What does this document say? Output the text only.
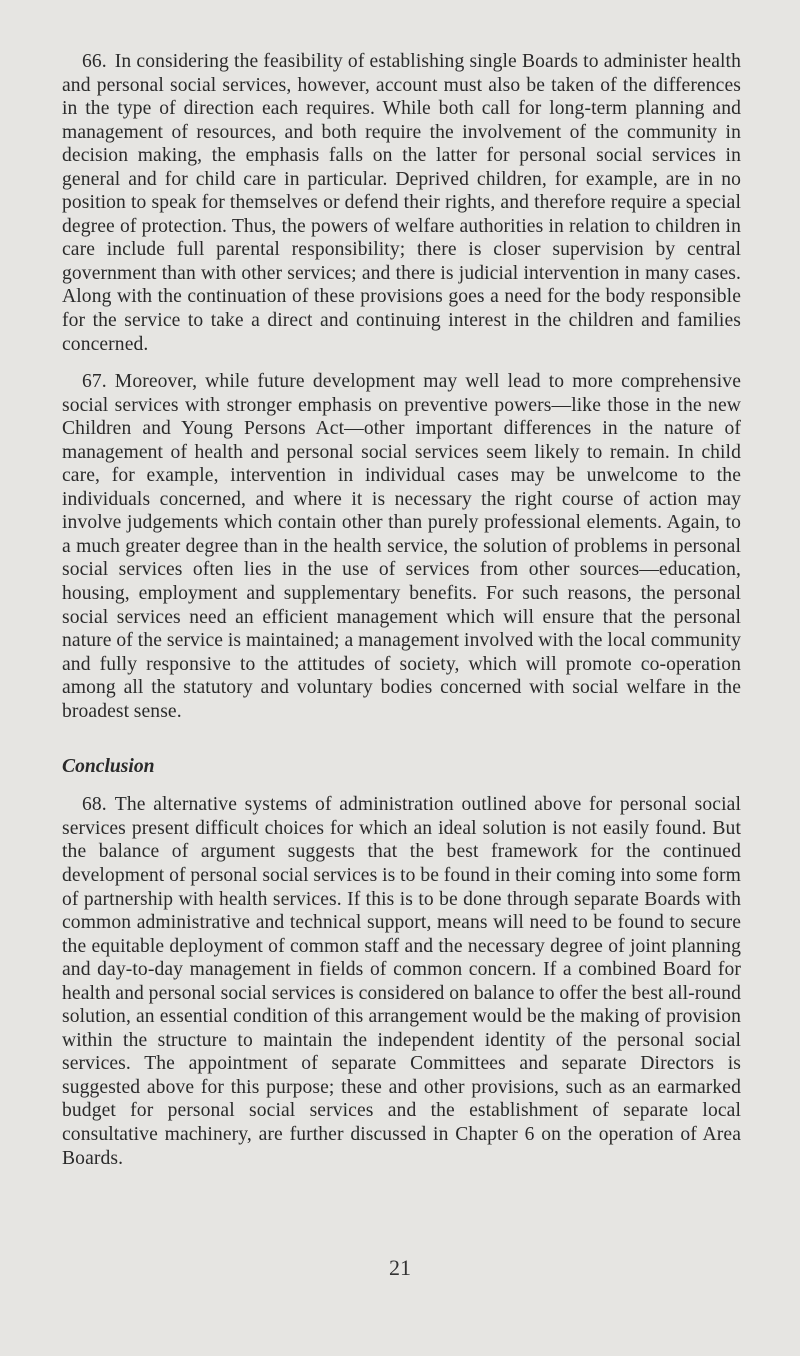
66. In considering the feasibility of establishing single Boards to administer health and personal social services, however, account must also be taken of the differences in the type of direction each requires. While both call for long-term planning and management of resources, and both require the involvement of the community in decision making, the emphasis falls on the latter for personal social services in general and for child care in particular. Deprived children, for example, are in no position to speak for themselves or defend their rights, and therefore require a special degree of protection. Thus, the powers of welfare authorities in relation to children in care include full parental responsibility; there is closer supervision by central government than with other services; and there is judicial intervention in many cases. Along with the continuation of these provisions goes a need for the body responsible for the service to take a direct and continuing interest in the children and families concerned.

67. Moreover, while future development may well lead to more comprehensive social services with stronger emphasis on preventive powers—like those in the new Children and Young Persons Act—other important differences in the nature of management of health and personal social services seem likely to remain. In child care, for example, intervention in individual cases may be unwelcome to the individuals concerned, and where it is necessary the right course of action may involve judgements which contain other than purely professional elements. Again, to a much greater degree than in the health service, the solution of problems in personal social services often lies in the use of services from other sources—education, housing, employment and supplementary benefits. For such reasons, the personal social services need an efficient management which will ensure that the personal nature of the service is maintained; a management involved with the local community and fully responsive to the attitudes of society, which will promote co-operation among all the statutory and voluntary bodies concerned with social welfare in the broadest sense.

Conclusion

68. The alternative systems of administration outlined above for personal social services present difficult choices for which an ideal solution is not easily found. But the balance of argument suggests that the best framework for the continued development of personal social services is to be found in their coming into some form of partnership with health services. If this is to be done through separate Boards with common administrative and technical support, means will need to be found to secure the equitable deployment of common staff and the necessary degree of joint planning and day-to-day management in fields of common concern. If a combined Board for health and personal social services is considered on balance to offer the best all-round solution, an essential condition of this arrangement would be the making of provision within the structure to maintain the independent identity of the personal social services. The appointment of separate Committees and separate Directors is suggested above for this purpose; these and other provisions, such as an earmarked budget for personal social services and the establishment of separate local consultative machinery, are further discussed in Chapter 6 on the operation of Area Boards.

21
